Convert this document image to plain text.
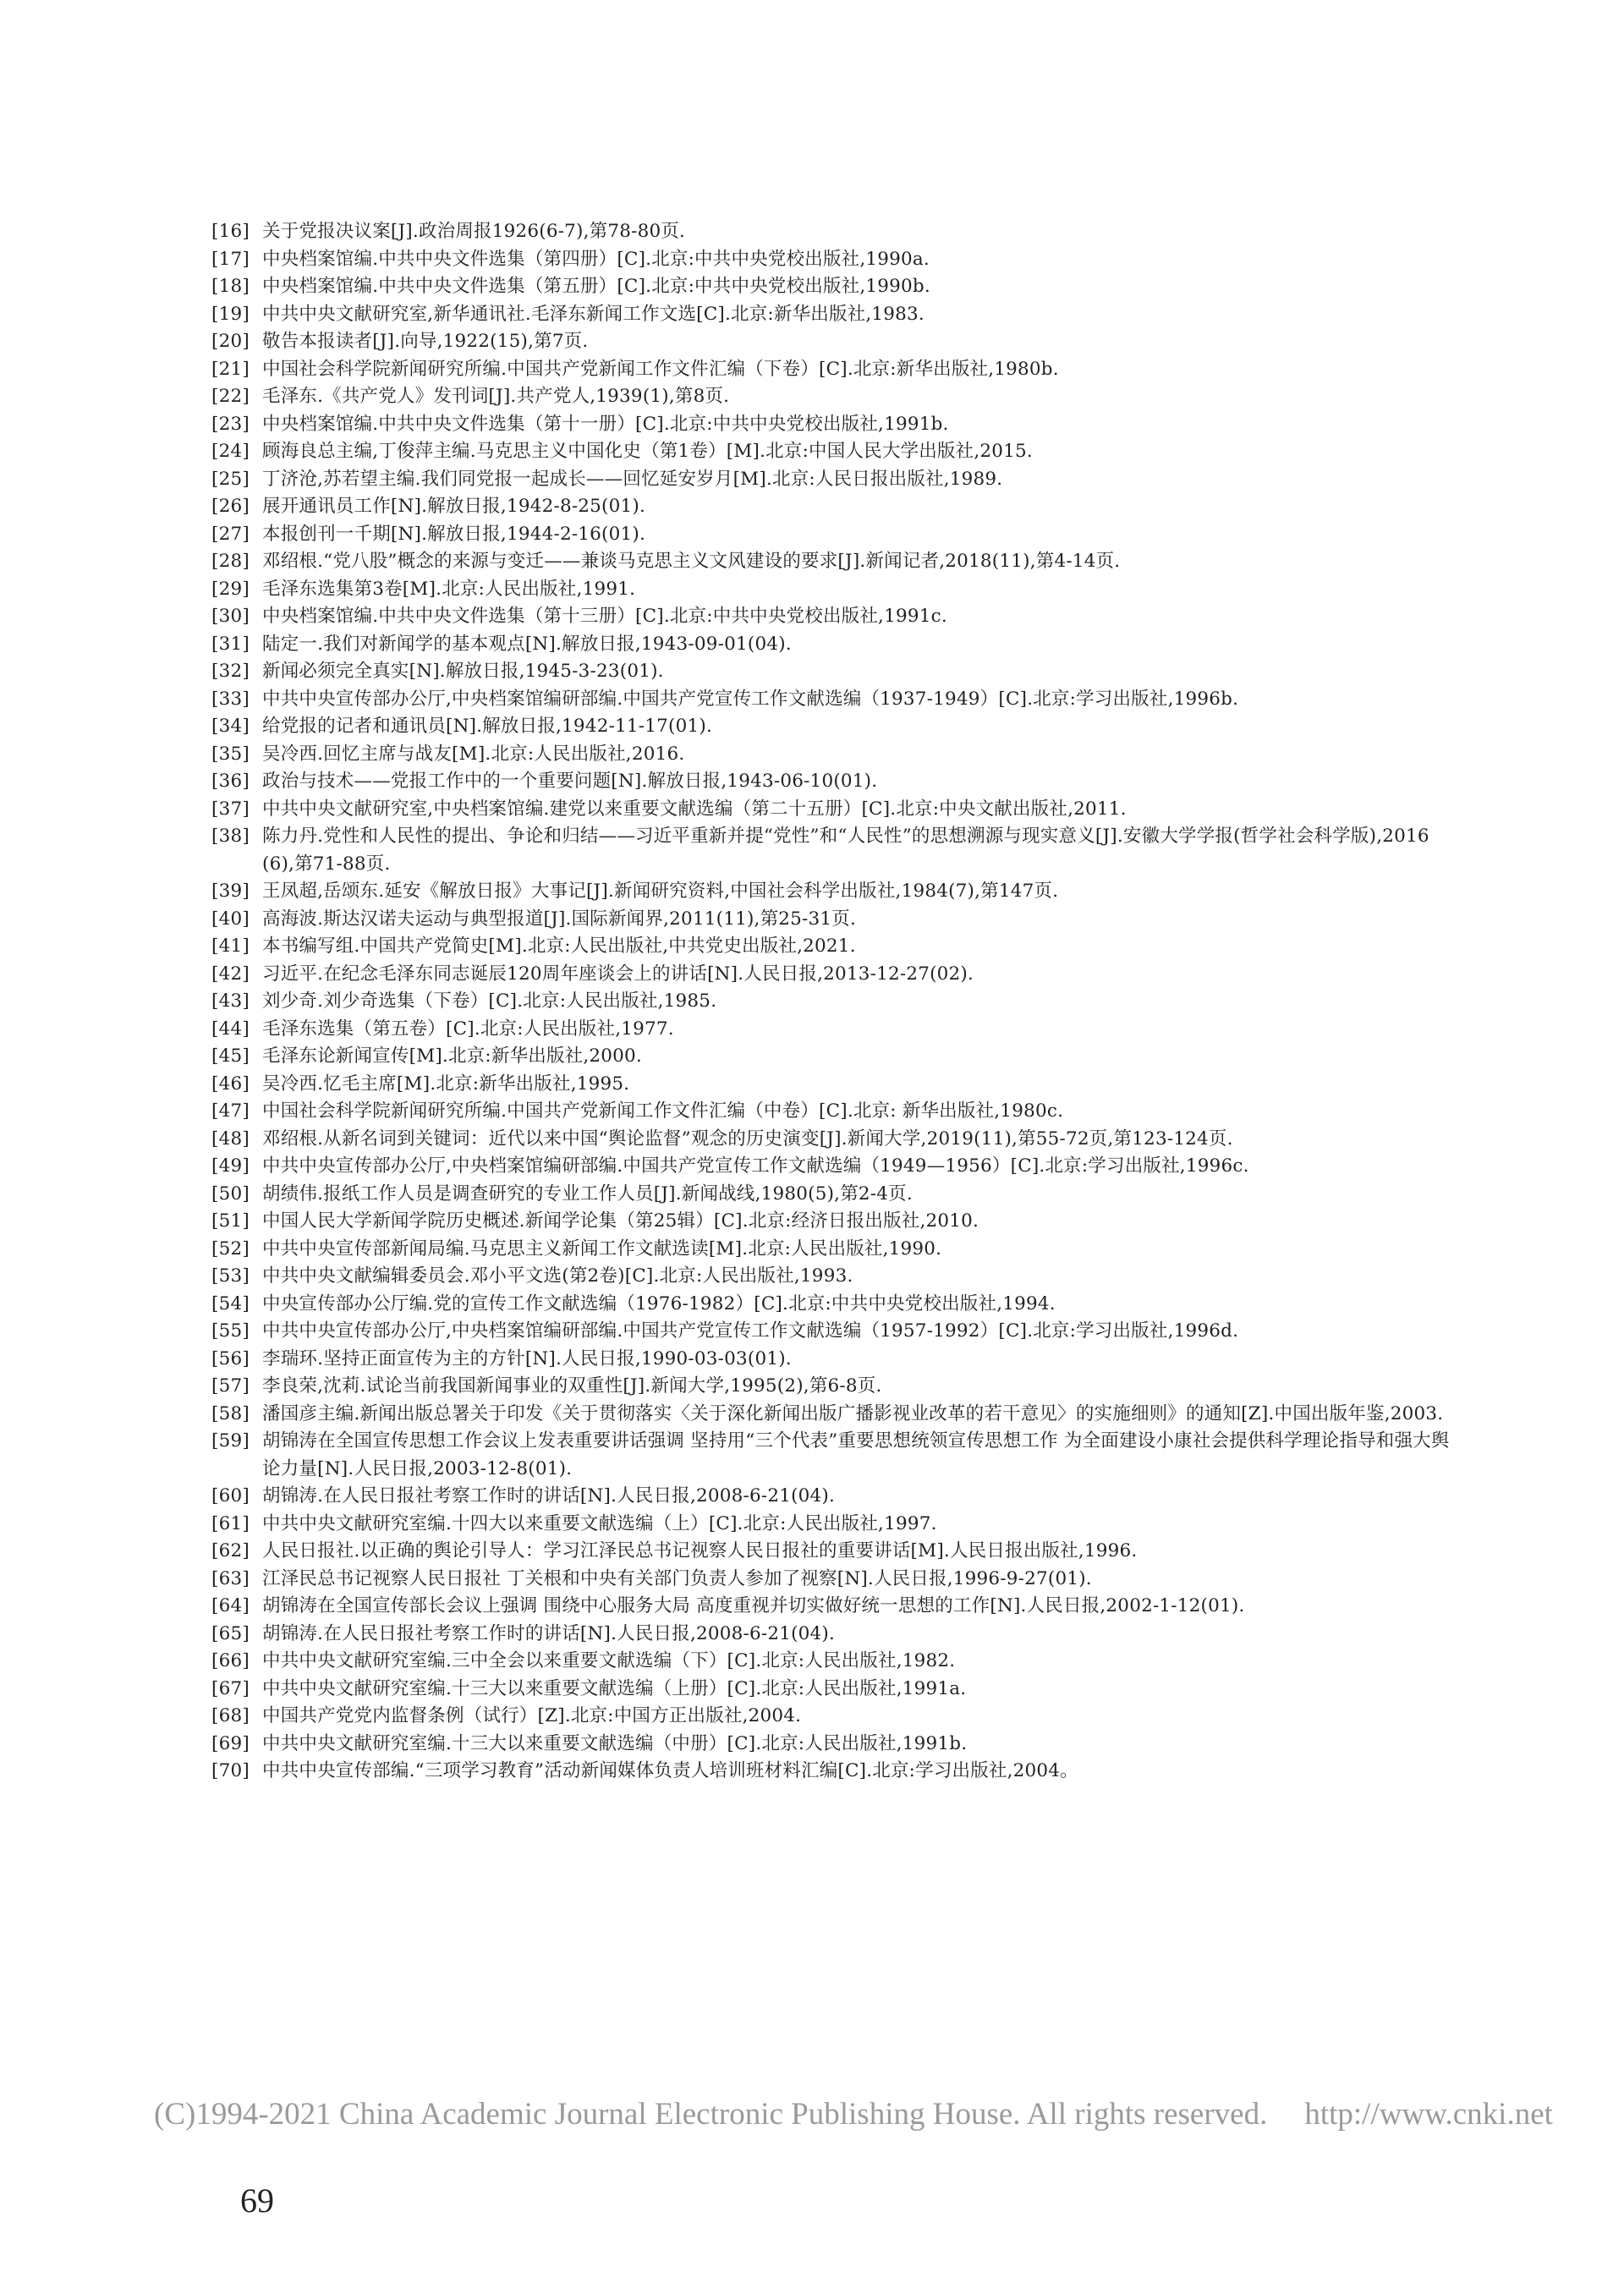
[16] 关于党报决议案[J].政治周报1926(6-7),第78-80页.
[17] 中央档案馆编.中共中央文件选集（第四册）[C].北京:中共中央党校出版社,1990a.
[18] 中央档案馆编.中共中央文件选集（第五册）[C].北京:中共中央党校出版社,1990b.
[19] 中共中央文献研究室,新华通讯社.毛泽东新闻工作文选[C].北京:新华出版社,1983.
[20] 敬告本报读者[J].向导,1922(15),第7页.
[21] 中国社会科学院新闻研究所编.中国共产党新闻工作文件汇编（下卷）[C].北京:新华出版社,1980b.
[22] 毛泽东.《共产党人》发刊词[J].共产党人,1939(1),第8页.
[23] 中央档案馆编.中共中央文件选集（第十一册）[C].北京:中共中央党校出版社,1991b.
[24] 顾海良总主编,丁俊萍主编.马克思主义中国化史（第1卷）[M].北京:中国人民大学出版社,2015.
[25] 丁济沧,苏若望主编.我们同党报一起成长——回忆延安岁月[M].北京:人民日报出版社,1989.
[26] 展开通讯员工作[N].解放日报,1942-8-25(01).
[27] 本报创刊一千期[N].解放日报,1944-2-16(01).
[28] 邓绍根.“党八股”概念的来源与变迁——兼谈马克思主义文风建设的要求[J].新闻记者,2018(11),第4-14页.
[29] 毛泽东选集第3卷[M].北京:人民出版社,1991.
[30] 中央档案馆编.中共中央文件选集（第十三册）[C].北京:中共中央党校出版社,1991c.
[31] 陆定一.我们对新闻学的基本观点[N].解放日报,1943-09-01(04).
[32] 新闻必须完全真实[N].解放日报,1945-3-23(01).
[33] 中共中央宣传部办公厅,中央档案馆编研部编.中国共产党宣传工作文献选编（1937-1949）[C].北京:学习出版社,1996b.
[34] 给党报的记者和通讯员[N].解放日报,1942-11-17(01).
[35] 吴冷西.回忆主席与战友[M].北京:人民出版社,2016.
[36] 政治与技术——党报工作中的一个重要问题[N].解放日报,1943-06-10(01).
[37] 中共中央文献研究室,中央档案馆编.建党以来重要文献选编（第二十五册）[C].北京:中央文献出版社,2011.
[38] 陈力丹.党性和人民性的提出、争论和归结——习近平重新并提“党性”和“人民性”的思想溯源与现实意义[J].安徽大学学报(哲学社会科学版),2016(6),第71-88页.
[39] 王凤超,岳颂东.延安《解放日报》大事记[J].新闻研究资料,中国社会科学出版社,1984(7),第147页.
[40] 高海波.斯达汉诺夫运动与典型报道[J].国际新闻界,2011(11),第25-31页.
[41] 本书编写组.中国共产党简史[M].北京:人民出版社,中共党史出版社,2021.
[42] 习近平.在纪念毛泽东同志诞辰120周年座谈会上的讲话[N].人民日报,2013-12-27(02).
[43] 刘少奇.刘少奇选集（下卷）[C].北京:人民出版社,1985.
[44] 毛泽东选集（第五卷）[C].北京:人民出版社,1977.
[45] 毛泽东论新闻宣传[M].北京:新华出版社,2000.
[46] 吴冷西.忆毛主席[M].北京:新华出版社,1995.
[47] 中国社会科学院新闻研究所编.中国共产党新闻工作文件汇编（中卷）[C].北京: 新华出版社,1980c.
[48] 邓绍根.从新名词到关键词：近代以来中国“舆论监督”观念的历史演变[J].新闻大学,2019(11),第55-72页,第123-124页.
[49] 中共中央宣传部办公厅,中央档案馆编研部编.中国共产党宣传工作文献选编（1949—1956）[C].北京:学习出版社,1996c.
[50] 胡绩伟.报纸工作人员是调查研究的专业工作人员[J].新闻战线,1980(5),第2-4页.
[51] 中国人民大学新闻学院历史概述.新闻学论集（第25辑）[C].北京:经济日报出版社,2010.
[52] 中共中央宣传部新闻局编.马克思主义新闻工作文献选读[M].北京:人民出版社,1990.
[53] 中共中央文献编辑委员会.邓小平文选(第2卷)[C].北京:人民出版社,1993.
[54] 中央宣传部办公厅编.党的宣传工作文献选编（1976-1982）[C].北京:中共中央党校出版社,1994.
[55] 中共中央宣传部办公厅,中央档案馆编研部编.中国共产党宣传工作文献选编（1957-1992）[C].北京:学习出版社,1996d.
[56] 李瑞环.坚持正面宣传为主的方针[N].人民日报,1990-03-03(01).
[57] 李良荣,沈莉.试论当前我国新闻事业的双重性[J].新闻大学,1995(2),第6-8页.
[58] 潘国彦主编.新闻出版总署关于印发《关于贯彻落实〈关于深化新闻出版广播影视业改革的若干意见〉的实施细则》的通知[Z].中国出版年鉴,2003.
[59] 胡锦涛在全国宣传思想工作会议上发表重要讲话强调 坚持用“三个代表”重要思想统领宣传思想工作 为全面建设小康社会提供科学理论指导和强大舆论力量[N].人民日报,2003-12-8(01).
[60] 胡锦涛.在人民日报社考察工作时的讲话[N].人民日报,2008-6-21(04).
[61] 中共中央文献研究室编.十四大以来重要文献选编（上）[C].北京:人民出版社,1997.
[62] 人民日报社.以正确的舆论引导人：学习江泽民总书记视察人民日报社的重要讲话[M].人民日报出版社,1996.
[63] 江泽民总书记视察人民日报社 丁关根和中央有关部门负责人参加了视察[N].人民日报,1996-9-27(01).
[64] 胡锦涛在全国宣传部长会议上强调 围绕中心服务大局 高度重视并切实做好统一思想的工作[N].人民日报,2002-1-12(01).
[65] 胡锦涛.在人民日报社考察工作时的讲话[N].人民日报,2008-6-21(04).
[66] 中共中央文献研究室编.三中全会以来重要文献选编（下）[C].北京:人民出版社,1982.
[67] 中共中央文献研究室编.十三大以来重要文献选编（上册）[C].北京:人民出版社,1991a.
[68] 中国共产党党内监督条例（试行）[Z].北京:中国方正出版社,2004.
[69] 中共中央文献研究室编.十三大以来重要文献选编（中册）[C].北京:人民出版社,1991b.
[70] 中共中央宣传部编.“三项学习教育”活动新闻媒体负责人培训班材料汇编[C].北京:学习出版社,2004。
(C)1994-2021 China Academic Journal Electronic Publishing House. All rights reserved. http://www.cnki.net
69
